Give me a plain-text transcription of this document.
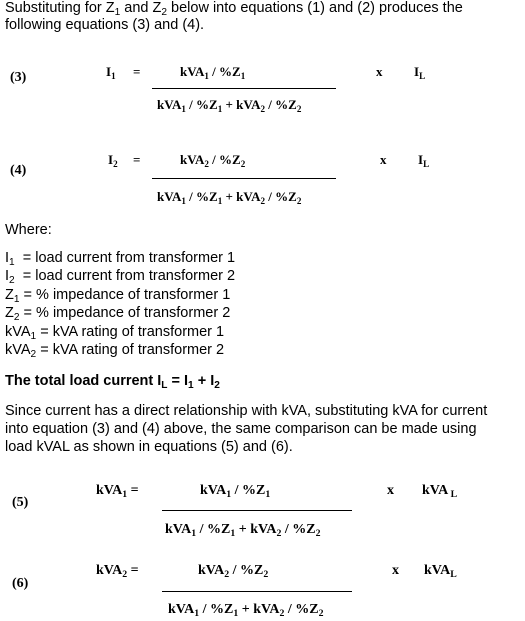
Substituting for $Z_1$ and $Z_2$ below into equations (1) and (2) produces the
following equations (3) and (4).
(3)	$I_1$ =	$kVA_1 / \%Z_1$
$kVA_1 / \%Z_1 + kVA_2 / \%Z_2$
x $I_L$
(4)
$I_2$ =	$kVA_2 / \%Z_2$
$kVA_1 / \%Z_1 + kVA_2 / \%Z_2$
x $I_L$
Where:
$I_1$  = load current from transformer 1
$I_2$  = load current from transformer 2
$Z_1$ = % impedance of transformer 1
$Z_2$ = % impedance of transformer 2
kVA$_1$ = kVA rating of transformer 1
kVA$_2$ = kVA rating of transformer 2
The total load current $I_L = I_1 + I_2$
Since current has a direct relationship with kVA, substituting kVA for current
into equation (3) and (4) above, the same comparison can be made using
load kVAL as shown in equations (5) and (6).
(5)
kVA$_1$ =	$kVA_1 / \%Z_1$
$kVA_1 / \%Z_1 + kVA_2 / \%Z_2$
x kVA $_L$
(6)
kVA$_2$ =	$kVA_2 / \%Z_2$
$kVA_1 / \%Z_1 + kVA_2 / \%Z_2$
x kVA$_L$
